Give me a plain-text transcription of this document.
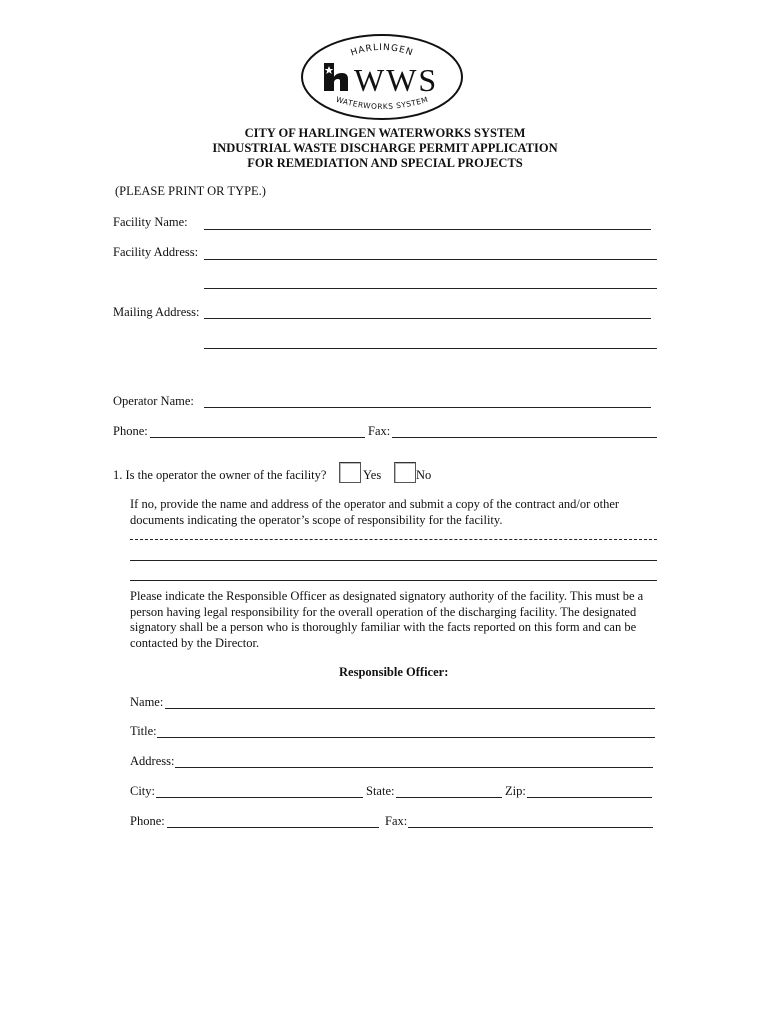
HARLINGEN
WWS
WATERWORKS SYSTEM
CITY OF HARLINGEN WATERWORKS SYSTEM
INDUSTRIAL WASTE DISCHARGE PERMIT APPLICATION
FOR REMEDIATION AND SPECIAL PROJECTS
(PLEASE PRINT OR TYPE.)
Facility Name:
Facility Address:
Mailing Address:
Operator Name:
Phone:	Fax:
1. Is the operator the owner of the facility?	Yes	No
If no, provide the name and address of the operator and submit a copy of the contract and/or other documents indicating the operator’s scope of responsibility for the facility.
Please indicate the Responsible Officer as designated signatory authority of the facility. This must be a person having legal responsibility for the overall operation of the discharging facility. The designated signatory shall be a person who is thoroughly familiar with the facts reported on this form and can be contacted by the Director.
Responsible Officer:
Name:
Title:
Address:
City:	State:	Zip:
Phone:	Fax:
